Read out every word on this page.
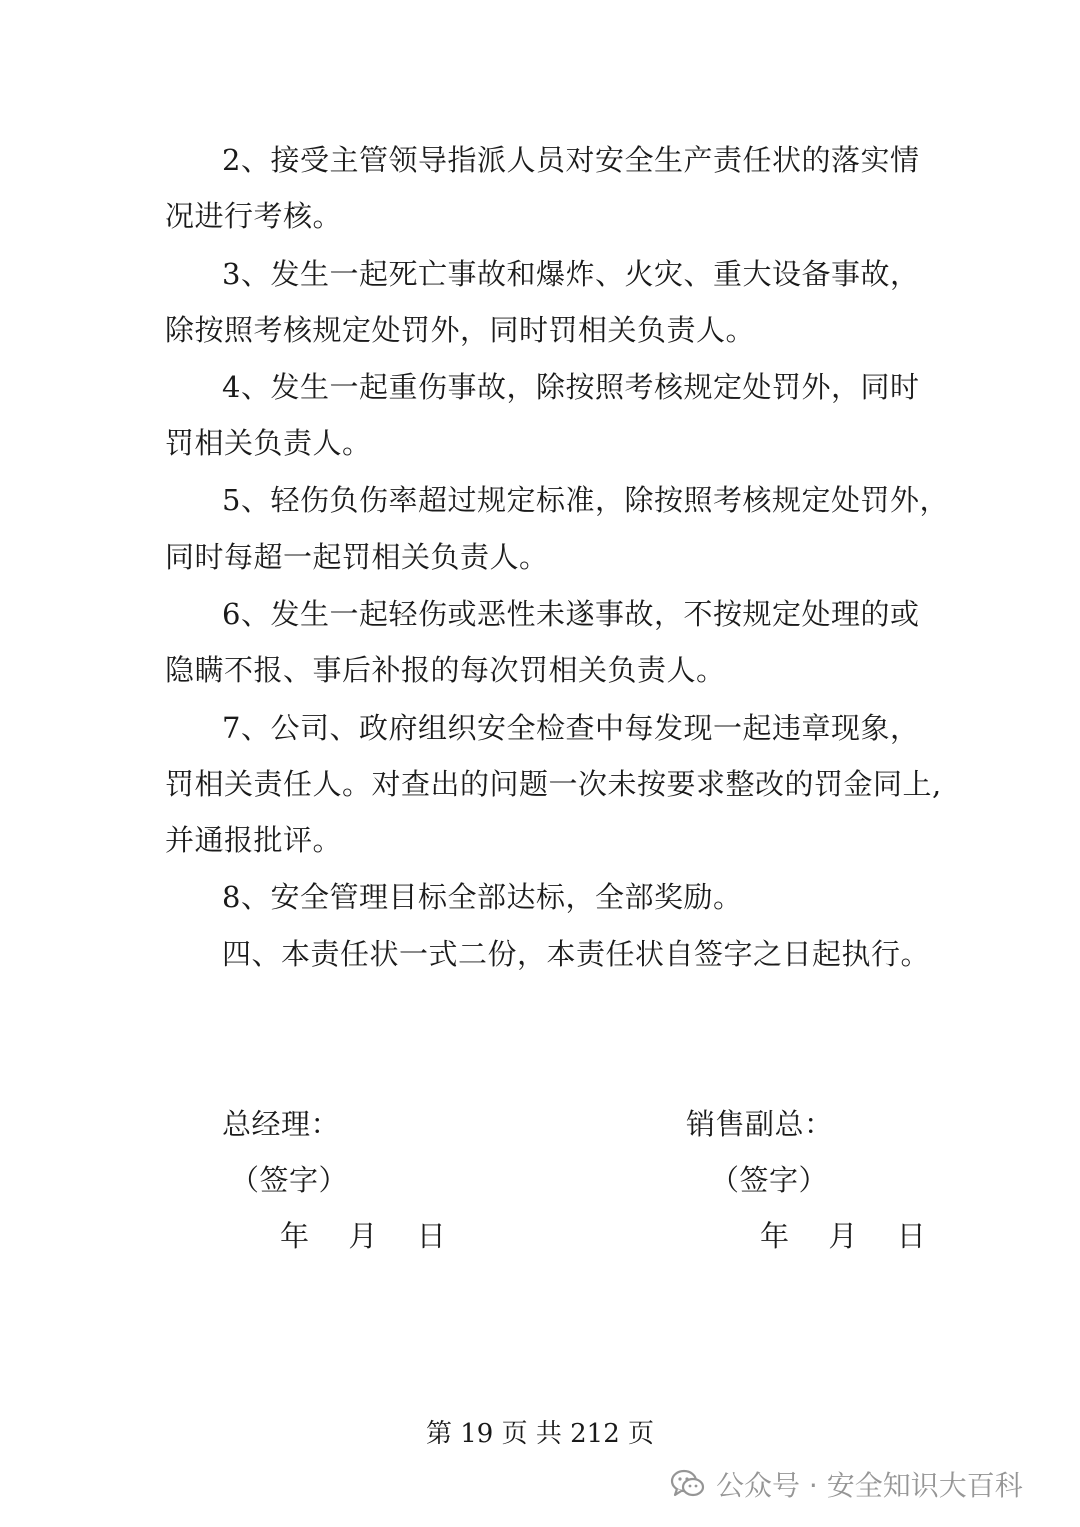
2、接受主管领导指派人员对安全生产责任状的落实情
况进行考核。
3、发生一起死亡事故和爆炸、火灾、重大设备事故，
除按照考核规定处罚外，同时罚相关负责人。
4、发生一起重伤事故，除按照考核规定处罚外，同时
罚相关负责人。
5、轻伤负伤率超过规定标准，除按照考核规定处罚外，
同时每超一起罚相关负责人。
6、发生一起轻伤或恶性未遂事故，不按规定处理的或
隐瞒不报、事后补报的每次罚相关负责人。
7、公司、政府组织安全检查中每发现一起违章现象，
罚相关责任人。对查出的问题一次未按要求整改的罚金同上,
并通报批评。
8、安全管理目标全部达标，全部奖励。
四、本责任状一式二份，本责任状自签字之日起执行。
总经理：
（签字）
年    月    日
销售副总：
（签字）
年    月    日
第 19 页 共 212 页
公众号 · 安全知识大百科
